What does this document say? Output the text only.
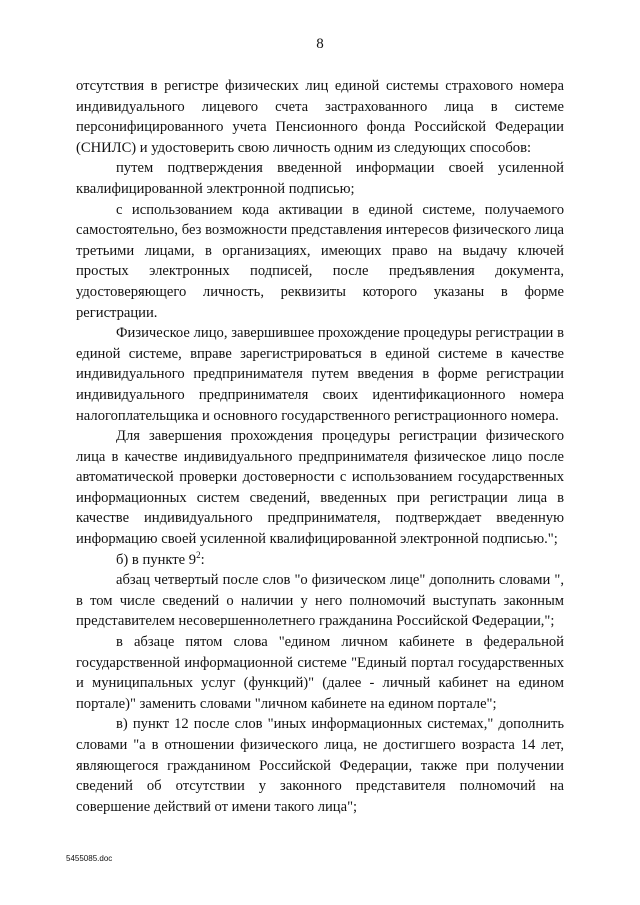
8

отсутствия в регистре физических лиц единой системы страхового номера индивидуального лицевого счета застрахованного лица в системе персонифицированного учета Пенсионного фонда Российской Федерации (СНИЛС) и удостоверить свою личность одним из следующих способов:

путем подтверждения введенной информации своей усиленной квалифицированной электронной подписью;

с использованием кода активации в единой системе, получаемого самостоятельно, без возможности представления интересов физического лица третьими лицами, в организациях, имеющих право на выдачу ключей простых электронных подписей, после предъявления документа, удостоверяющего личность, реквизиты которого указаны в форме регистрации.

Физическое лицо, завершившее прохождение процедуры регистрации в единой системе, вправе зарегистрироваться в единой системе в качестве индивидуального предпринимателя путем введения в форме регистрации индивидуального предпринимателя своих идентификационного номера налогоплательщика и основного государственного регистрационного номера.

Для завершения прохождения процедуры регистрации физического лица в качестве индивидуального предпринимателя физическое лицо после автоматической проверки достоверности с использованием государственных информационных систем сведений, введенных при регистрации лица в качестве индивидуального предпринимателя, подтверждает введенную информацию своей усиленной квалифицированной электронной подписью.";

б) в пункте $9^2$:

абзац четвертый после слов "о физическом лице" дополнить словами ", в том числе сведений о наличии у него полномочий выступать законным представителем несовершеннолетнего гражданина Российской Федерации,";

в абзаце пятом слова "едином личном кабинете в федеральной государственной информационной системе "Единый портал государственных и муниципальных услуг (функций)" (далее - личный кабинет на едином портале)" заменить словами "личном кабинете на едином портале";

в) пункт 12 после слов "иных информационных системах," дополнить словами "а в отношении физического лица, не достигшего возраста 14 лет, являющегося гражданином Российской Федерации, также при получении сведений об отсутствии у законного представителя полномочий на совершение действий от имени такого лица";

5455085.doc
